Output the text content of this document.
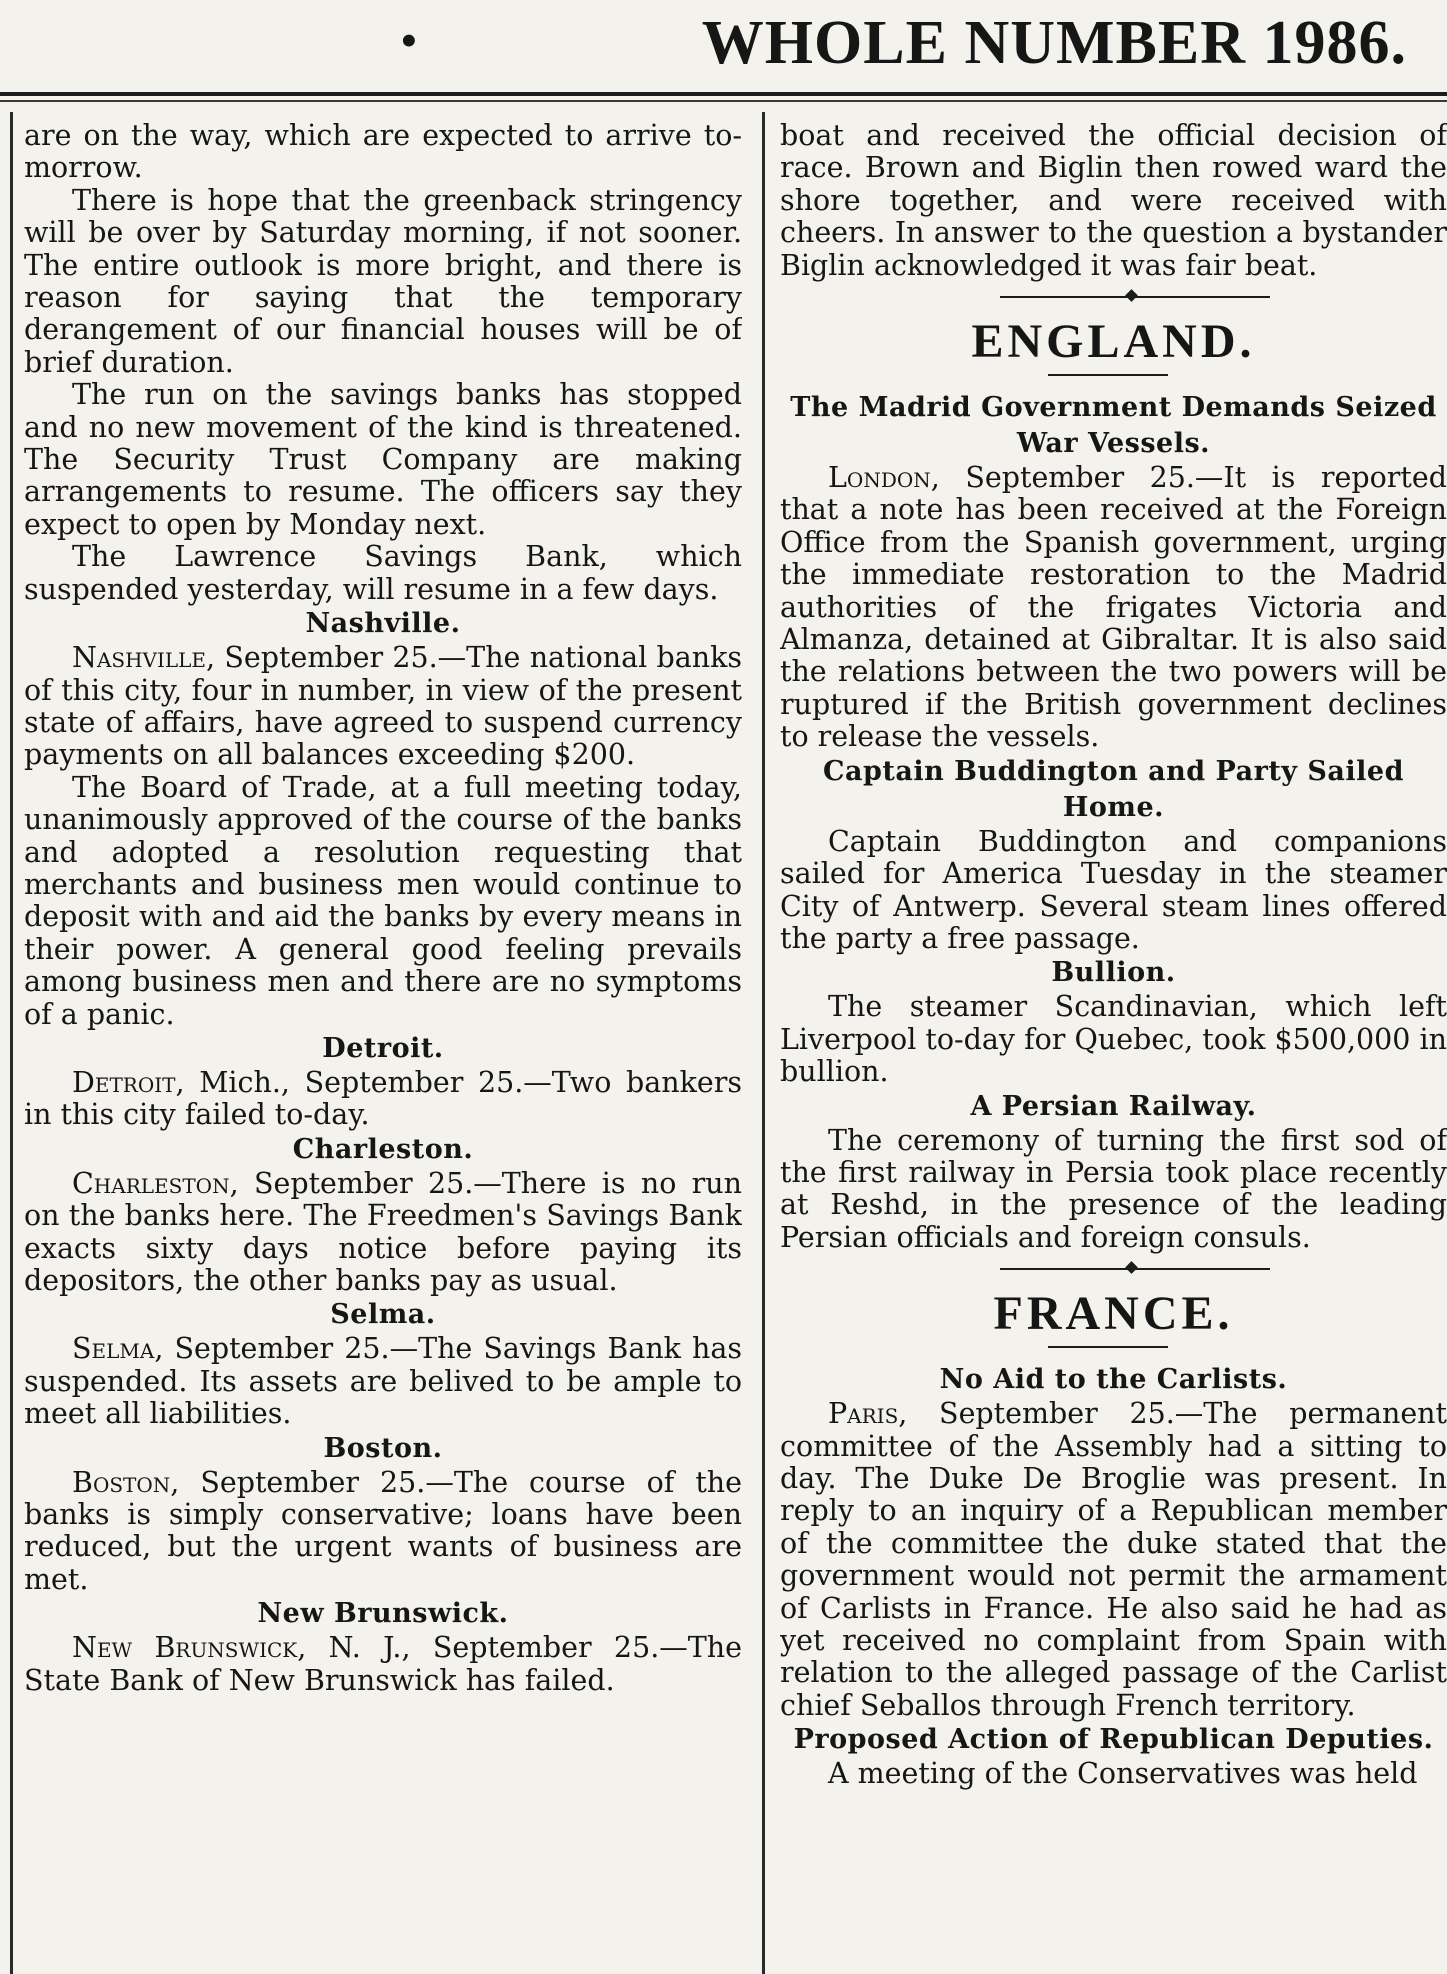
•	WHOLE NUMBER 1986.

are on the way, which are expected to arrive to-morrow.

There is hope that the greenback stringency will be over by Saturday morning, if not sooner. The entire outlook is more bright, and there is reason for saying that the temporary derangement of our financial houses will be of brief duration.

The run on the savings banks has stopped and no new movement of the kind is threatened. The Security Trust Company are making arrangements to resume. The officers say they expect to open by Monday next.

The Lawrence Savings Bank, which suspended yesterday, will resume in a few days.

Nashville.

Nashville, September 25.—The national banks of this city, four in number, in view of the present state of affairs, have agreed to suspend currency payments on all balances exceeding $200.

The Board of Trade, at a full meeting today, unanimously approved of the course of the banks and adopted a resolution requesting that merchants and business men would continue to deposit with and aid the banks by every means in their power. A general good feeling prevails among business men and there are no symptoms of a panic.

Detroit.

Detroit, Mich., September 25.—Two bankers in this city failed to-day.

Charleston.

Charleston, September 25.—There is no run on the banks here. The Freedmen's Savings Bank exacts sixty days notice before paying its depositors, the other banks pay as usual.

Selma.

Selma, September 25.—The Savings Bank has suspended. Its assets are belived to be ample to meet all liabilities.

Boston.

Boston, September 25.—The course of the banks is simply conservative; loans have been reduced, but the urgent wants of business are met.

New Brunswick.

New Brunswick, N. J., September 25.—The State Bank of New Brunswick has failed.

boat and received the official decision of race. Brown and Biglin then rowed ward the shore together, and were received with cheers. In answer to the question a bystander Biglin acknowledged it was fair beat.

ENGLAND.
The Madrid Government Demands Seized War Vessels.

London, September 25.—It is reported that a note has been received at the Foreign Office from the Spanish government, urging the immediate restoration to the Madrid authorities of the frigates Victoria and Almanza, detained at Gibraltar. It is also said the relations between the two powers will be ruptured if the British government declines to release the vessels.

Captain Buddington and Party Sailed Home.

Captain Buddington and companions sailed for America Tuesday in the steamer City of Antwerp. Several steam lines offered the party a free passage.

Bullion.

The steamer Scandinavian, which left Liverpool to-day for Quebec, took $500,000 in bullion.

A Persian Railway.

The ceremony of turning the first sod of the first railway in Persia took place recently at Reshd, in the presence of the leading Persian officials and foreign consuls.

FRANCE.
No Aid to the Carlists.

Paris, September 25.—The permanent committee of the Assembly had a sitting to day. The Duke De Broglie was present. In reply to an inquiry of a Republican member of the committee the duke stated that the government would not permit the armament of Carlists in France. He also said he had as yet received no complaint from Spain with relation to the alleged passage of the Carlist chief Seballos through French territory.

Proposed Action of Republican Deputies.

A meeting of the Conservatives was held
